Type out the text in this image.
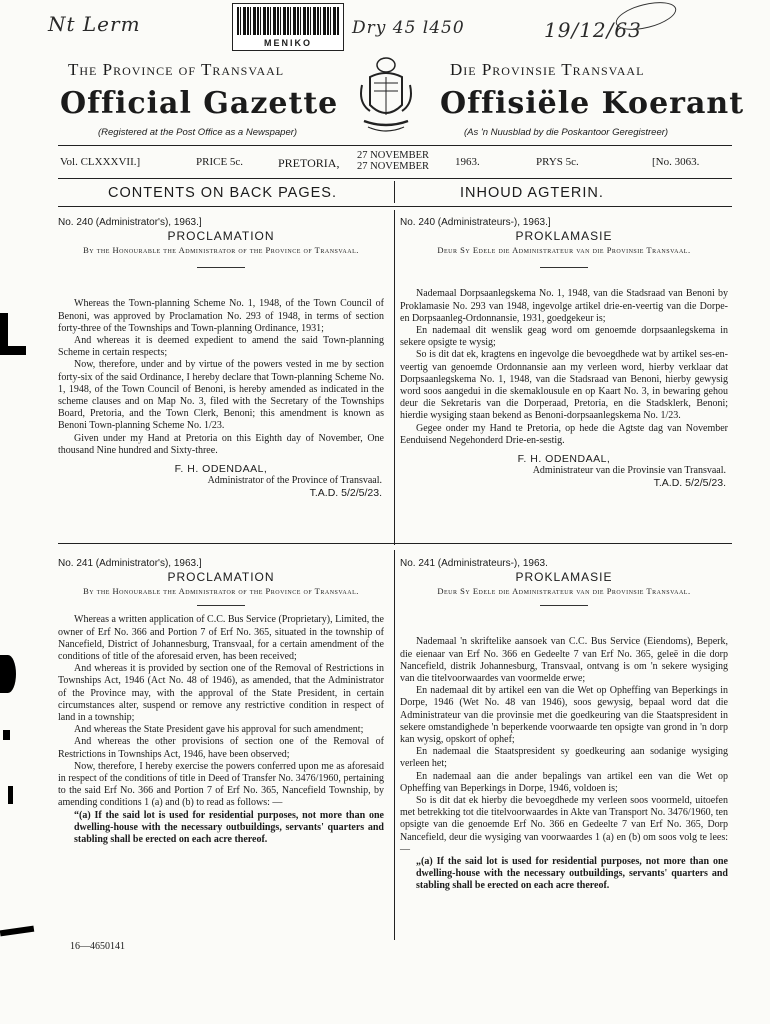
Nt Lerm
MENIKO
Dry 45 l450	19/12/63
The Province of Transvaal	Die Provinsie Transvaal
Official Gazette	Offisiële Koerant
(Registered at the Post Office as a Newspaper)	(As 'n Nuusblad by die Poskantoor Geregistreer)
Vol. CLXXXVII.]	PRICE 5c.	PRETORIA,
27 NOVEMBER
27 NOVEMBER 1963.	PRYS 5c.	[No. 3063.
CONTENTS ON BACK PAGES.	INHOUD AGTERIN.
No. 240 (Administrator's), 1963.]
PROCLAMATION
By the Honourable the Administrator of the Province of Transvaal.

Whereas the Town-planning Scheme No. 1, 1948, of the Town Council of Benoni, was approved by Proclamation No. 293 of 1948, in terms of section forty-three of the Townships and Town-planning Ordinance, 1931;

And whereas it is deemed expedient to amend the said Town-planning Scheme in certain respects;

Now, therefore, under and by virtue of the powers vested in me by section forty-six of the said Ordinance, I hereby declare that Town-planning Scheme No. 1, 1948, of the Town Council of Benoni, is hereby amended as indicated in the scheme clauses and on Map No. 3, filed with the Secretary of the Townships Board, Pretoria, and the Town Clerk, Benoni; this amendment is known as Benoni Town-planning Scheme No. 1/23.

Given under my Hand at Pretoria on this Eighth day of November, One thousand Nine hundred and Sixty-three.

F. H. ODENDAAL,
Administrator of the Province of Transvaal.
T.A.D. 5/2/5/23.
No. 240 (Administrateurs-), 1963.]
PROKLAMASIE
Deur Sy Edele die Administrateur van die Provinsie Transvaal.

Nademaal Dorpsaanlegskema No. 1, 1948, van die Stadsraad van Benoni by Proklamasie No. 293 van 1948, ingevolge artikel drie-en-veertig van die Dorpe- en Dorpsaanleg-Ordonnansie, 1931, goedgekeur is;

En nademaal dit wenslik geag word om genoemde dorpsaanlegskema in sekere opsigte te wysig;

So is dit dat ek, kragtens en ingevolge die bevoegdhede wat by artikel ses-en-veertig van genoemde Ordonnansie aan my verleen word, hierby verklaar dat Dorpsaanlegskema No. 1, 1948, van die Stadsraad van Benoni, hierby gewysig word soos aangedui in die skemaklousule en op Kaart No. 3, in bewaring gehou deur die Sekretaris van die Dorperaad, Pretoria, en die Stadsklerk, Benoni; hierdie wysiging staan bekend as Benoni-dorpsaanlegskema No. 1/23.

Gegee onder my Hand te Pretoria, op hede die Agtste dag van November Eenduisend Negehonderd Drie-en-sestig.

F. H. ODENDAAL,
Administrateur van die Provinsie van Transvaal.
T.A.D. 5/2/5/23.
No. 241 (Administrator's), 1963.]
PROCLAMATION
By the Honourable the Administrator of the Province of Transvaal.

Whereas a written application of C.C. Bus Service (Proprietary), Limited, the owner of Erf No. 366 and Portion 7 of Erf No. 365, situated in the township of Nancefield, District of Johannesburg, Transvaal, for a certain amendment of the conditions of title of the aforesaid erven, has been received;

And whereas it is provided by section one of the Removal of Restrictions in Townships Act, 1946 (Act No. 48 of 1946), as amended, that the Administrator of the Province may, with the approval of the State President, in certain circumstances alter, suspend or remove any restrictive condition in respect of land in a township;

And whereas the State President gave his approval for such amendment;

And whereas the other provisions of section one of the Removal of Restrictions in Townships Act, 1946, have been observed;

Now, therefore, I hereby exercise the powers conferred upon me as aforesaid in respect of the conditions of title in Deed of Transfer No. 3476/1960, pertaining to the said Erf No. 366 and Portion 7 of Erf No. 365, Nancefield Township, by amending conditions 1 (a) and (b) to read as follows: —

“(a) If the said lot is used for residential purposes, not more than one dwelling-house with the necessary outbuildings, servants' quarters and stabling shall be erected on each acre thereof.

No. 241 (Administrateurs-), 1963.
PROKLAMASIE
Deur Sy Edele die Administrateur van die Provinsie Transvaal.

Nademaal 'n skriftelike aansoek van C.C. Bus Service (Eiendoms), Beperk, die eienaar van Erf No. 366 en Gedeelte 7 van Erf No. 365, geleë in die dorp Nancefield, distrik Johannesburg, Transvaal, ontvang is om 'n sekere wysiging van die titelvoorwaardes van voormelde erwe;

En nademaal dit by artikel een van die Wet op Opheffing van Beperkings in Dorpe, 1946 (Wet No. 48 van 1946), soos gewysig, bepaal word dat die Administrateur van die provinsie met die goedkeuring van die Staatspresident in sekere omstandighede 'n beperkende voorwaarde ten opsigte van grond in 'n dorp kan wysig, opskort of ophef;

En nademaal die Staatspresident sy goedkeuring aan sodanige wysiging verleen het;

En nademaal aan die ander bepalings van artikel een van die Wet op Opheffing van Beperkings in Dorpe, 1946, voldoen is;

So is dit dat ek hierby die bevoegdhede my verleen soos voormeld, uitoefen met betrekking tot die titelvoorwaardes in Akte van Transport No. 3476/1960, ten opsigte van die genoemde Erf No. 366 en Gedeelte 7 van Erf No. 365, Dorp Nancefield, deur die wysiging van voorwaardes 1 (a) en (b) om soos volg te lees: —

„(a) If the said lot is used for residential purposes, not more than one dwelling-house with the necessary outbuildings, servants' quarters and stabling shall be erected on each acre thereof.

16—4650141
